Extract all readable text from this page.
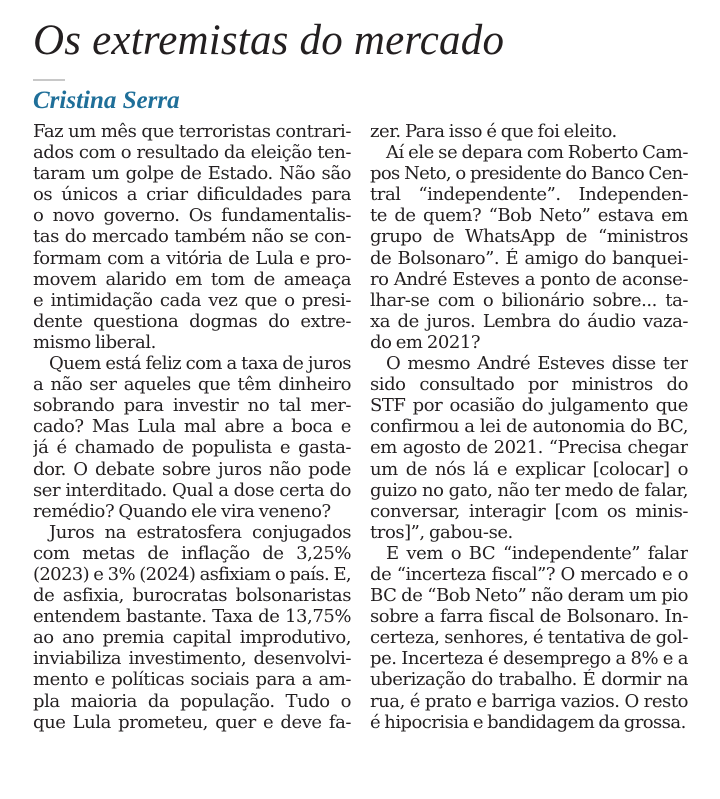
Os extremistas do mercado
Cristina Serra
Faz um mês que terroristas contrari-
ados com o resultado da eleição ten-
taram um golpe de Estado. Não são
os únicos a criar dificuldades para
o novo governo. Os fundamentalis-
tas do mercado também não se con-
formam com a vitória de Lula e pro-
movem alarido em tom de ameaça
e intimidação cada vez que o presi-
dente questiona dogmas do extre-
mismo liberal.
Quem está feliz com a taxa de juros
a não ser aqueles que têm dinheiro
sobrando para investir no tal mer-
cado? Mas Lula mal abre a boca e
já é chamado de populista e gasta-
dor. O debate sobre juros não pode
ser interditado. Qual a dose certa do
remédio? Quando ele vira veneno?
Juros na estratosfera conjugados
com metas de inflação de 3,25%
(2023) e 3% (2024) asfixiam o país. E,
de asfixia, burocratas bolsonaristas
entendem bastante. Taxa de 13,75%
ao ano premia capital improdutivo,
inviabiliza investimento, desenvolvi-
mento e políticas sociais para a am-
pla maioria da população. Tudo o
que Lula prometeu, quer e deve fa-
zer. Para isso é que foi eleito.
Aí ele se depara com Roberto Cam-
pos Neto, o presidente do Banco Cen-
tral “independente”. Independen-
te de quem? “Bob Neto” estava em
grupo de WhatsApp de “ministros
de Bolsonaro”. É amigo do banquei-
ro André Esteves a ponto de aconse-
lhar-se com o bilionário sobre... ta-
xa de juros. Lembra do áudio vaza-
do em 2021?
O mesmo André Esteves disse ter
sido consultado por ministros do
STF por ocasião do julgamento que
confirmou a lei de autonomia do BC,
em agosto de 2021. “Precisa chegar
um de nós lá e explicar [colocar] o
guizo no gato, não ter medo de falar,
conversar, interagir [com os minis-
tros]”, gabou-se.
E vem o BC “independente” falar
de “incerteza fiscal”? O mercado e o
BC de “Bob Neto” não deram um pio
sobre a farra fiscal de Bolsonaro. In-
certeza, senhores, é tentativa de gol-
pe. Incerteza é desemprego a 8% e a
uberização do trabalho. É dormir na
rua, é prato e barriga vazios. O resto
é hipocrisia e bandidagem da grossa.
